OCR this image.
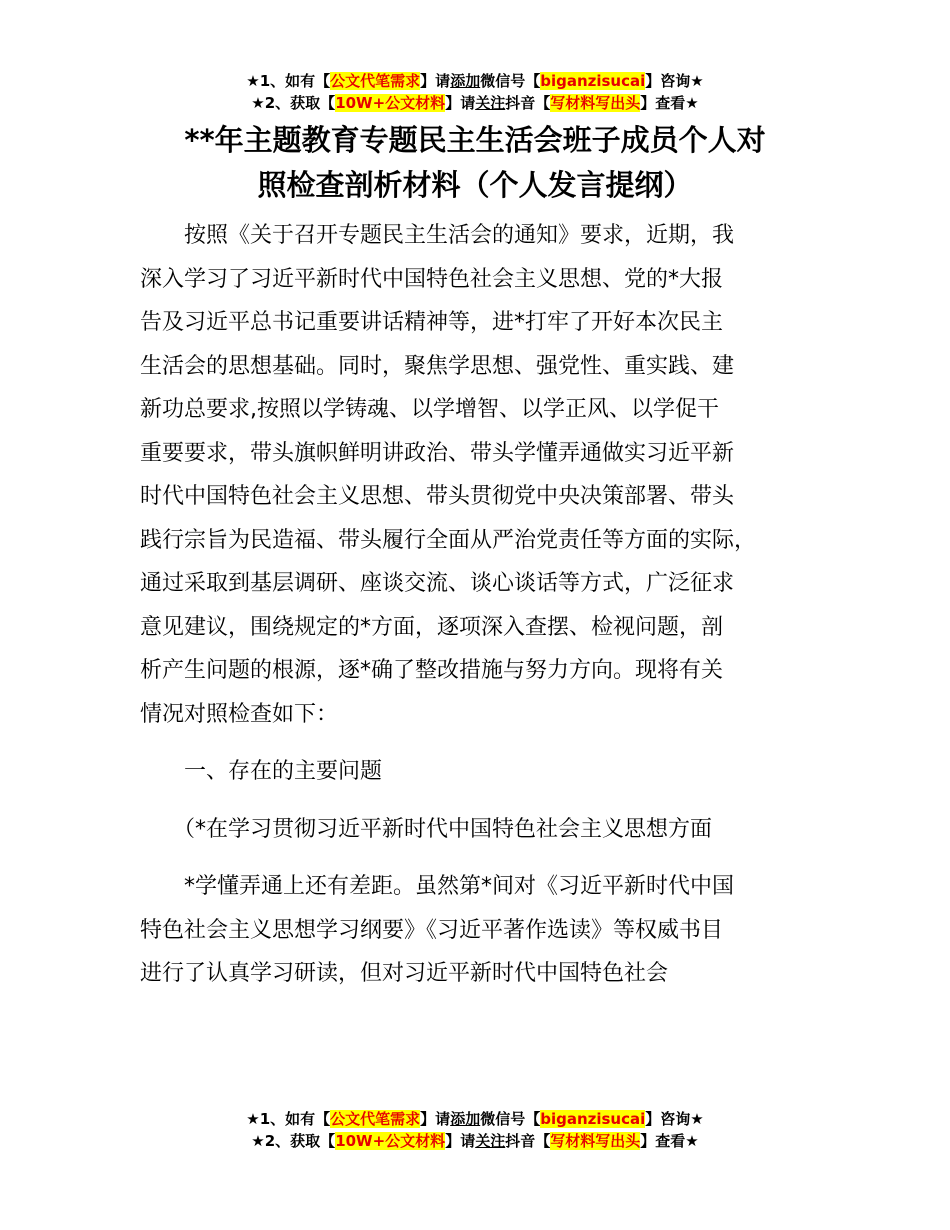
★1、如有【公文代笔需求】请添加微信号【biganzisucai】咨询★
★2、获取【10W+公文材料】请关注抖音【写材料写出头】查看★
**年主题教育专题民主生活会班子成员个人对
照检查剖析材料（个人发言提纲）
　　按照《关于召开专题民主生活会的通知》要求，近期，我
深入学习了习近平新时代中国特色社会主义思想、党的*大报
告及习近平总书记重要讲话精神等，进*打牢了开好本次民主
生活会的思想基础。同时，聚焦学思想、强党性、重实践、建
新功总要求,按照以学铸魂、以学增智、以学正风、以学促干
重要要求，带头旗帜鲜明讲政治、带头学懂弄通做实习近平新
时代中国特色社会主义思想、带头贯彻党中央决策部署、带头
践行宗旨为民造福、带头履行全面从严治党责任等方面的实际，
通过采取到基层调研、座谈交流、谈心谈话等方式，广泛征求
意见建议，围绕规定的*方面，逐项深入查摆、检视问题，剖
析产生问题的根源，逐*确了整改措施与努力方向。现将有关
情况对照检查如下：
　　一、存在的主要问题
　　（*在学习贯彻习近平新时代中国特色社会主义思想方面
　　*学懂弄通上还有差距。虽然第*间对《习近平新时代中国
特色社会主义思想学习纲要》《习近平著作选读》等权威书目
进行了认真学习研读，但对习近平新时代中国特色社会
★1、如有【公文代笔需求】请添加微信号【biganzisucai】咨询★
★2、获取【10W+公文材料】请关注抖音【写材料写出头】查看★
